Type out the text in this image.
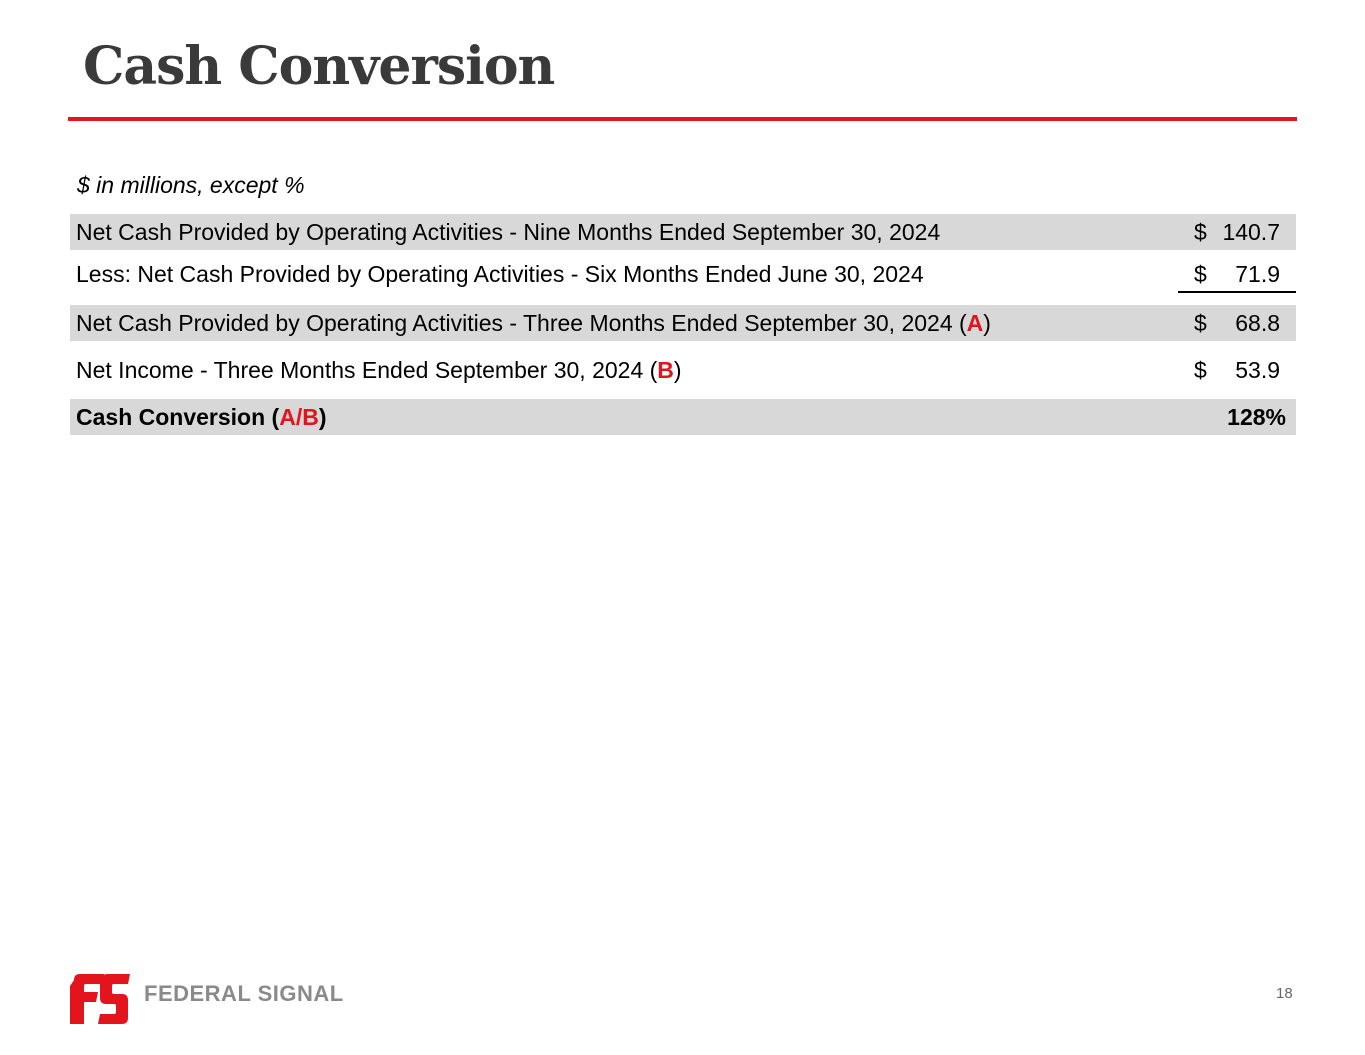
Cash Conversion
$ in millions, except %
Net Cash Provided by Operating Activities - Nine Months Ended September 30, 2024	$ 140.7
Less: Net Cash Provided by Operating Activities - Six Months Ended June 30, 2024	$ 71.9
Net Cash Provided by Operating Activities - Three Months Ended September 30, 2024 (A)	$ 68.8
Net Income - Three Months Ended September 30, 2024 (B)	$ 53.9
Cash Conversion (A/B)	128%
FEDERAL SIGNAL	18
